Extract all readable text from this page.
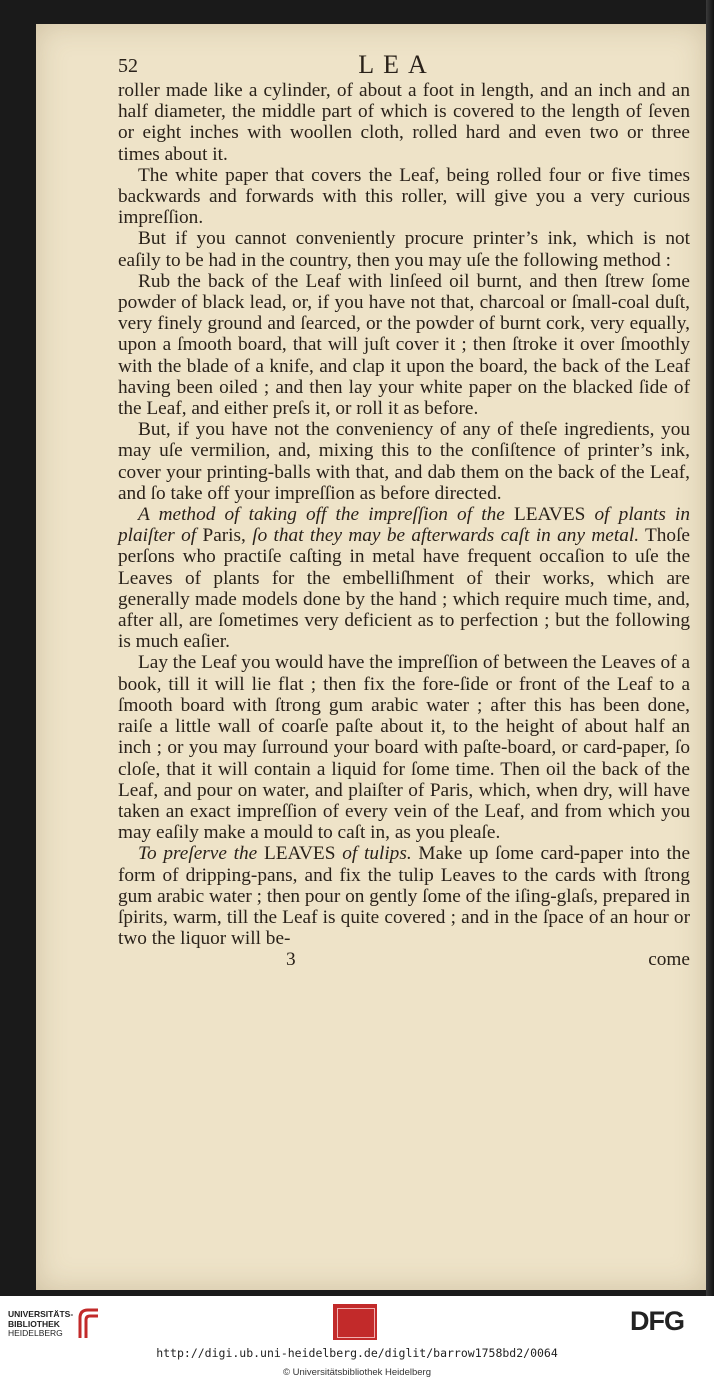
52	LEA

roller made like a cylinder, of about a foot in length, and an inch and an half diameter, the middle part of which is covered to the length of ſeven or eight inches with woollen cloth, rolled hard and even two or three times about it.

The white paper that covers the Leaf, being rolled four or five times backwards and forwards with this roller, will give you a very curious impreſſion.

But if you cannot conveniently procure printer’s ink, which is not eaſily to be had in the country, then you may uſe the following method :

Rub the back of the Leaf with linſeed oil burnt, and then ſtrew ſome powder of black lead, or, if you have not that, charcoal or ſmall-coal duſt, very finely ground and ſearced, or the powder of burnt cork, very equally, upon a ſmooth board, that will juſt cover it ; then ſtroke it over ſmoothly with the blade of a knife, and clap it upon the board, the back of the Leaf having been oiled ; and then lay your white paper on the blacked ſide of the Leaf, and either preſs it, or roll it as before.

But, if you have not the conveniency of any of theſe ingredients, you may uſe vermilion, and, mixing this to the conſiſtence of printer’s ink, cover your printing-balls with that, and dab them on the back of the Leaf, and ſo take off your impreſſion as before directed.

A method of taking off the impreſſion of the LEAVES of plants in plaiſter of Paris, ſo that they may be afterwards caſt in any metal. Thoſe perſons who practiſe caſting in metal have frequent occaſion to uſe the Leaves of plants for the embelliſhment of their works, which are generally made models done by the hand ; which require much time, and, after all, are ſometimes very deficient as to perfection ; but the following is much eaſier.

Lay the Leaf you would have the impreſſion of between the Leaves of a book, till it will lie flat ; then fix the fore-ſide or front of the Leaf to a ſmooth board with ſtrong gum arabic water ; after this has been done, raiſe a little wall of coarſe paſte about it, to the height of about half an inch ; or you may ſurround your board with paſte-board, or card-paper, ſo cloſe, that it will contain a liquid for ſome time. Then oil the back of the Leaf, and pour on water, and plaiſter of Paris, which, when dry, will have taken an exact impreſſion of every vein of the Leaf, and from which you may eaſily make a mould to caſt in, as you pleaſe.

To preſerve the LEAVES of tulips. Make up ſome card-paper into the form of dripping-pans, and fix the tulip Leaves to the cards with ſtrong gum arabic water ; then pour on gently ſome of the iſing-glaſs, prepared in ſpirits, warm, till the Leaf is quite covered ; and in the ſpace of an hour or two the liquor will be-

3	come
UNIVERSITÄTS-
BIBLIOTHEK
HEIDELBERG	DFG
http://digi.ub.uni-heidelberg.de/diglit/barrow1758bd2/0064
© Universitätsbibliothek Heidelberg
